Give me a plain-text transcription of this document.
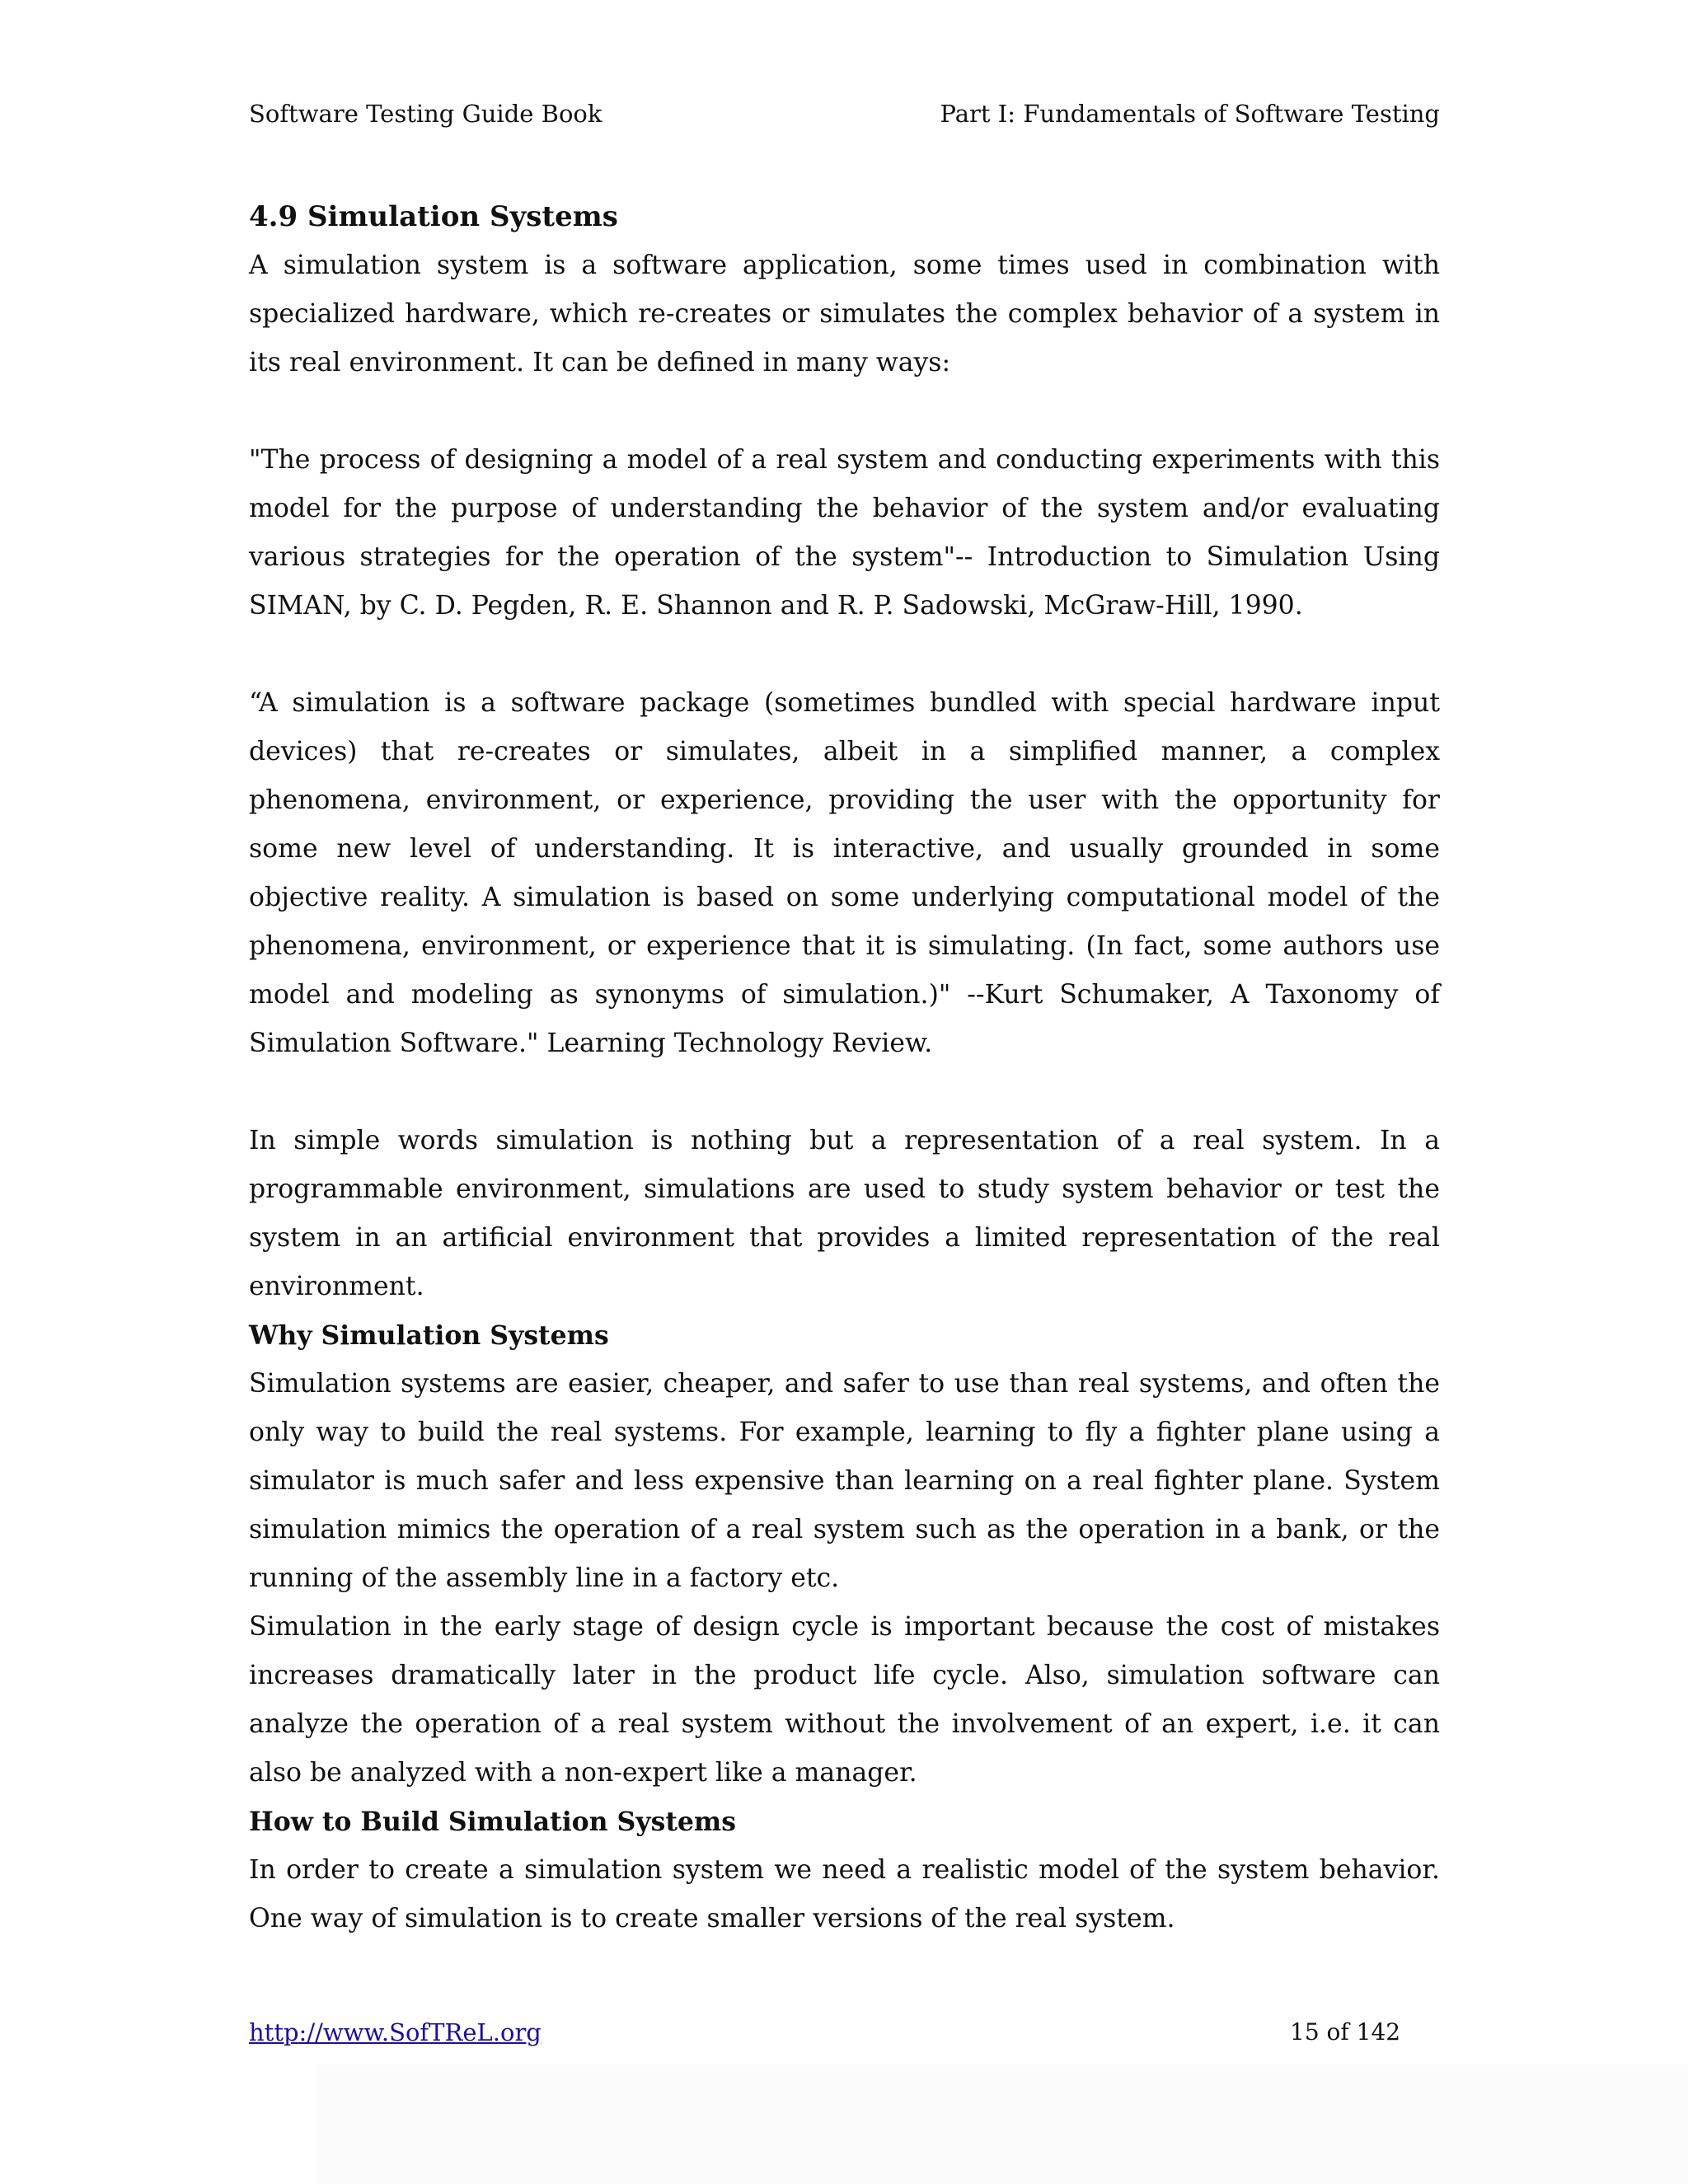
Software Testing Guide Book	Part I: Fundamentals of Software Testing
4.9 Simulation Systems

A simulation system is a software application, some times used in combination with specialized hardware, which re-creates or simulates the complex behavior of a system in its real environment. It can be defined in many ways:

"The process of designing a model of a real system and conducting experiments with this model for the purpose of understanding the behavior of the system and/or evaluating various strategies for the operation of the system"-- Introduction to Simulation Using SIMAN, by C. D. Pegden, R. E. Shannon and R. P. Sadowski, McGraw-Hill, 1990.

“A simulation is a software package (sometimes bundled with special hardware input devices) that re-creates or simulates, albeit in a simplified manner, a complex phenomena, environment, or experience, providing the user with the opportunity for some new level of understanding. It is interactive, and usually grounded in some objective reality. A simulation is based on some underlying computational model of the phenomena, environment, or experience that it is simulating. (In fact, some authors use model and modeling as synonyms of simulation.)" --Kurt Schumaker, A Taxonomy of Simulation Software." Learning Technology Review.

In simple words simulation is nothing but a representation of a real system. In a programmable environment, simulations are used to study system behavior or test the system in an artificial environment that provides a limited representation of the real environment.

Why Simulation Systems

Simulation systems are easier, cheaper, and safer to use than real systems, and often the only way to build the real systems. For example, learning to fly a fighter plane using a simulator is much safer and less expensive than learning on a real fighter plane. System simulation mimics the operation of a real system such as the operation in a bank, or the running of the assembly line in a factory etc.

Simulation in the early stage of design cycle is important because the cost of mistakes increases dramatically later in the product life cycle. Also, simulation software can analyze the operation of a real system without the involvement of an expert, i.e. it can also be analyzed with a non-expert like a manager.

How to Build Simulation Systems

In order to create a simulation system we need a realistic model of the system behavior. One way of simulation is to create smaller versions of the real system.

http://www.SofTReL.org	15 of 142
